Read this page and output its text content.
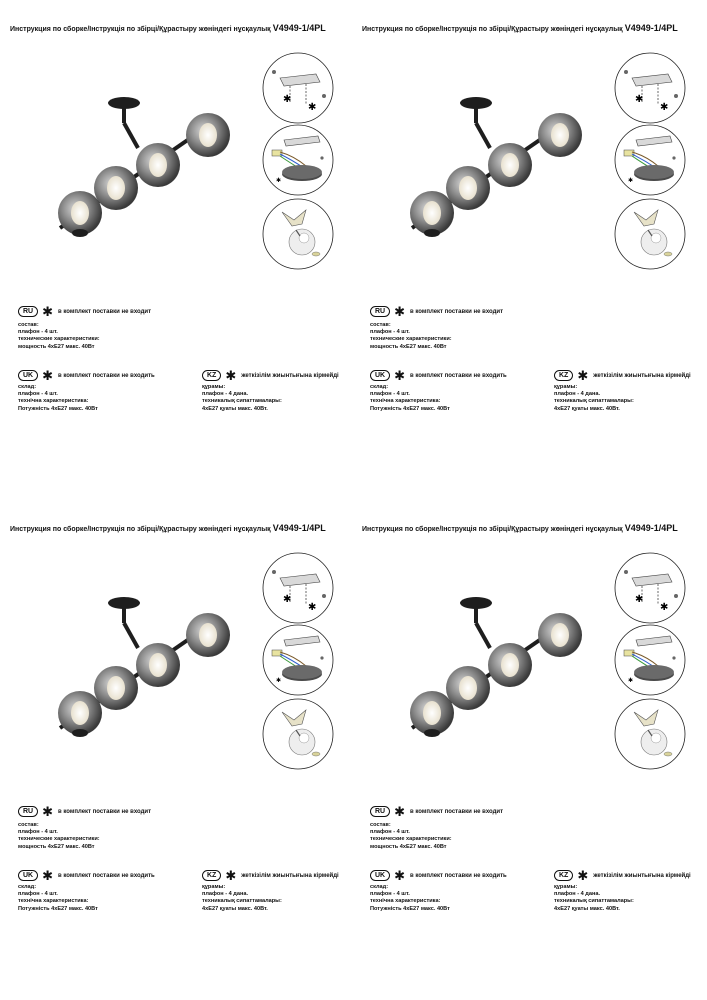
Инструкция по сборке/Інструкція по збірці/Құрастыру жөніндегі нұсқаулық V4949-1/4PL
✱
✱
✱
RU ✱ в комплект поставки не входит
состав:
плафон - 4 шт.
технические характеристики:
мощность 4хЕ27 макс. 40Вт
UK ✱ в комплект поставки не входить
склад:
плафон - 4 шт.
технічна характеристика:
Потужність 4хЕ27 макс. 40Вт
KZ ✱ жеткізілім жиынтығына кірмейді
құрамы:
плафон - 4 дана.
техникалық сипаттамалары:
4хЕ27 қуаты макс. 40Вт.
Инструкция по сборке/Інструкція по збірці/Құрастыру жөніндегі нұсқаулық V4949-1/4PL
✱
✱
✱
RU ✱ в комплект поставки не входит
состав:
плафон - 4 шт.
технические характеристики:
мощность 4хЕ27 макс. 40Вт
UK ✱ в комплект поставки не входить
склад:
плафон - 4 шт.
технічна характеристика:
Потужність 4хЕ27 макс. 40Вт
KZ ✱ жеткізілім жиынтығына кірмейді
құрамы:
плафон - 4 дана.
техникалық сипаттамалары:
4хЕ27 қуаты макс. 40Вт.
Инструкция по сборке/Інструкція по збірці/Құрастыру жөніндегі нұсқаулық V4949-1/4PL
✱
✱
✱
RU ✱ в комплект поставки не входит
состав:
плафон - 4 шт.
технические характеристики:
мощность 4хЕ27 макс. 40Вт
UK ✱ в комплект поставки не входить
склад:
плафон - 4 шт.
технічна характеристика:
Потужність 4хЕ27 макс. 40Вт
KZ ✱ жеткізілім жиынтығына кірмейді
құрамы:
плафон - 4 дана.
техникалық сипаттамалары:
4хЕ27 қуаты макс. 40Вт.
Инструкция по сборке/Інструкція по збірці/Құрастыру жөніндегі нұсқаулық V4949-1/4PL
✱
✱
✱
RU ✱ в комплект поставки не входит
состав:
плафон - 4 шт.
технические характеристики:
мощность 4хЕ27 макс. 40Вт
UK ✱ в комплект поставки не входить
склад:
плафон - 4 шт.
технічна характеристика:
Потужність 4хЕ27 макс. 40Вт
KZ ✱ жеткізілім жиынтығына кірмейді
құрамы:
плафон - 4 дана.
техникалық сипаттамалары:
4хЕ27 қуаты макс. 40Вт.
